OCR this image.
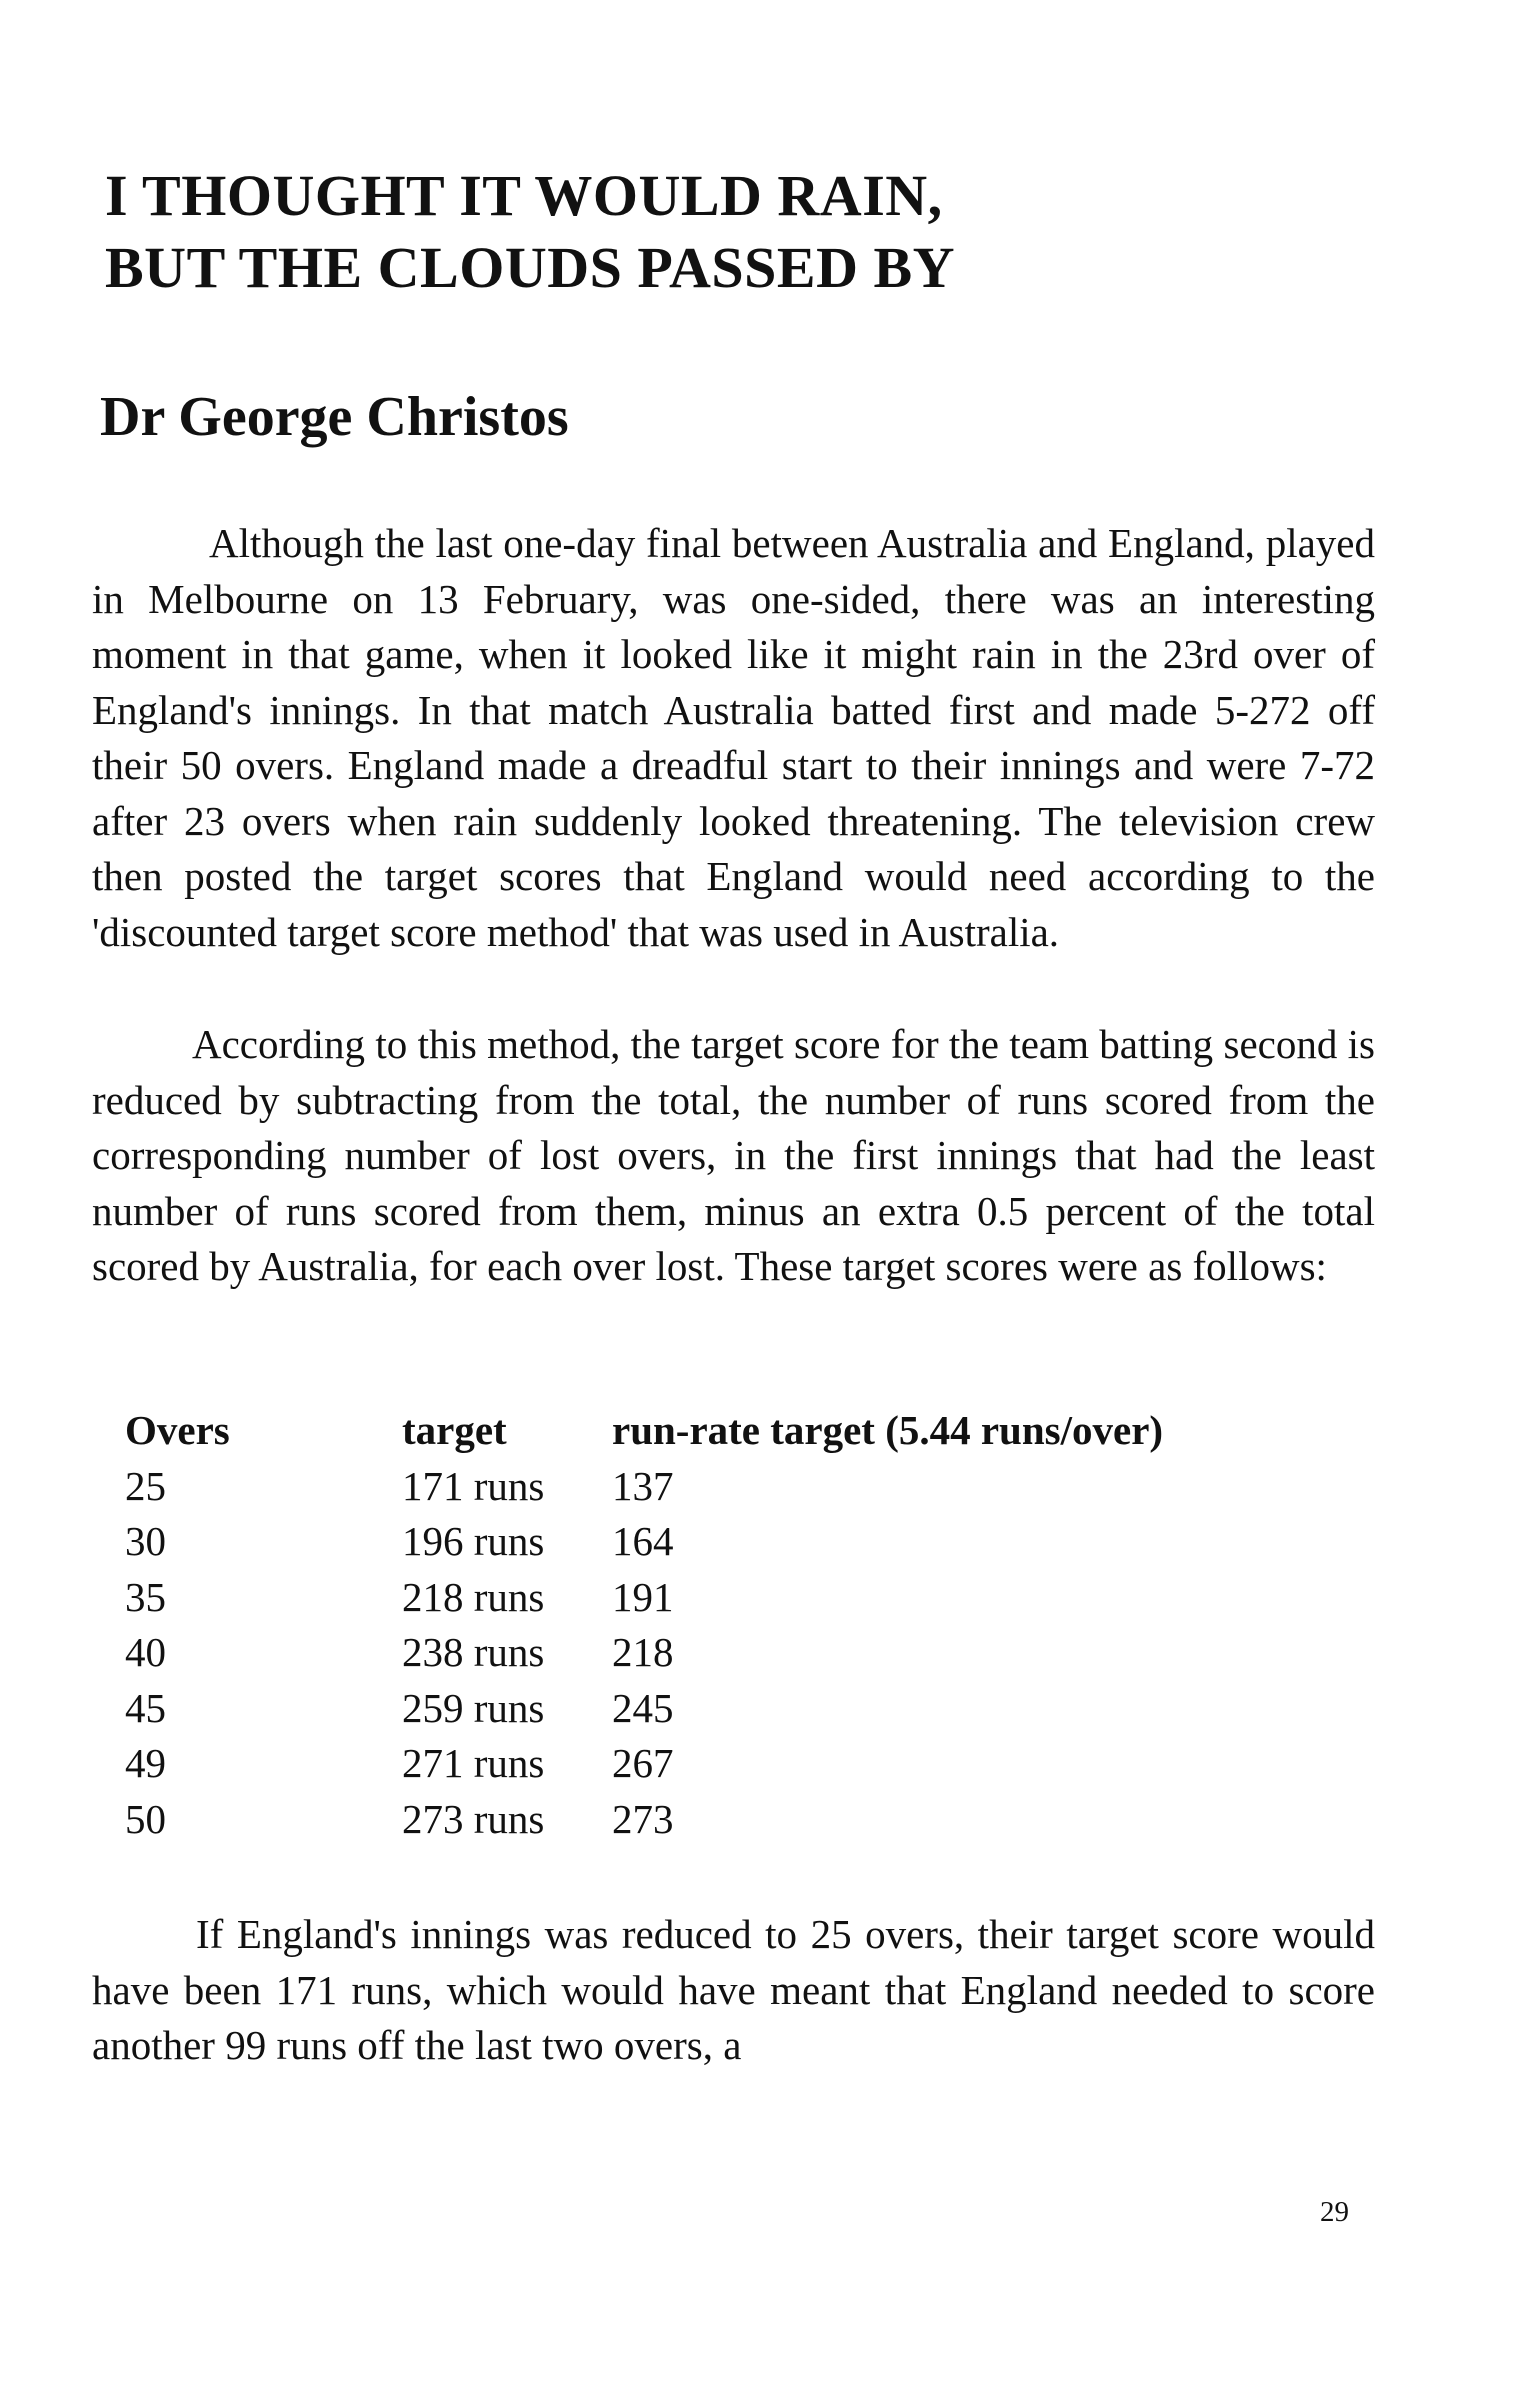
I THOUGHT IT WOULD RAIN,
BUT THE CLOUDS PASSED BY
Dr George Christos

Although the last one-day final between Australia and England, played in Melbourne on 13 February, was one-sided, there was an interesting moment in that game, when it looked like it might rain in the 23rd over of England's innings. In that match Australia batted first and made 5-272 off their 50 overs. England made a dreadful start to their innings and were 7-72 after 23 overs when rain suddenly looked threatening. The television crew then posted the target scores that England would need according to the 'discounted target score method' that was used in Australia.

According to this method, the target score for the team batting second is reduced by subtracting from the total, the number of runs scored from the corresponding number of lost overs, in the first innings that had the least number of runs scored from them, minus an extra 0.5 percent of the total scored by Australia, for each over lost. These target scores were as follows:

Overs	target	run-rate target (5.44 runs/over)
25	171 runs	137
30	196 runs	164
35	218 runs	191
40	238 runs	218
45	259 runs	245
49	271 runs	267
50	273 runs	273

If England's innings was reduced to 25 overs, their target score would have been 171 runs, which would have meant that England needed to score another 99 runs off the last two overs, a

29
